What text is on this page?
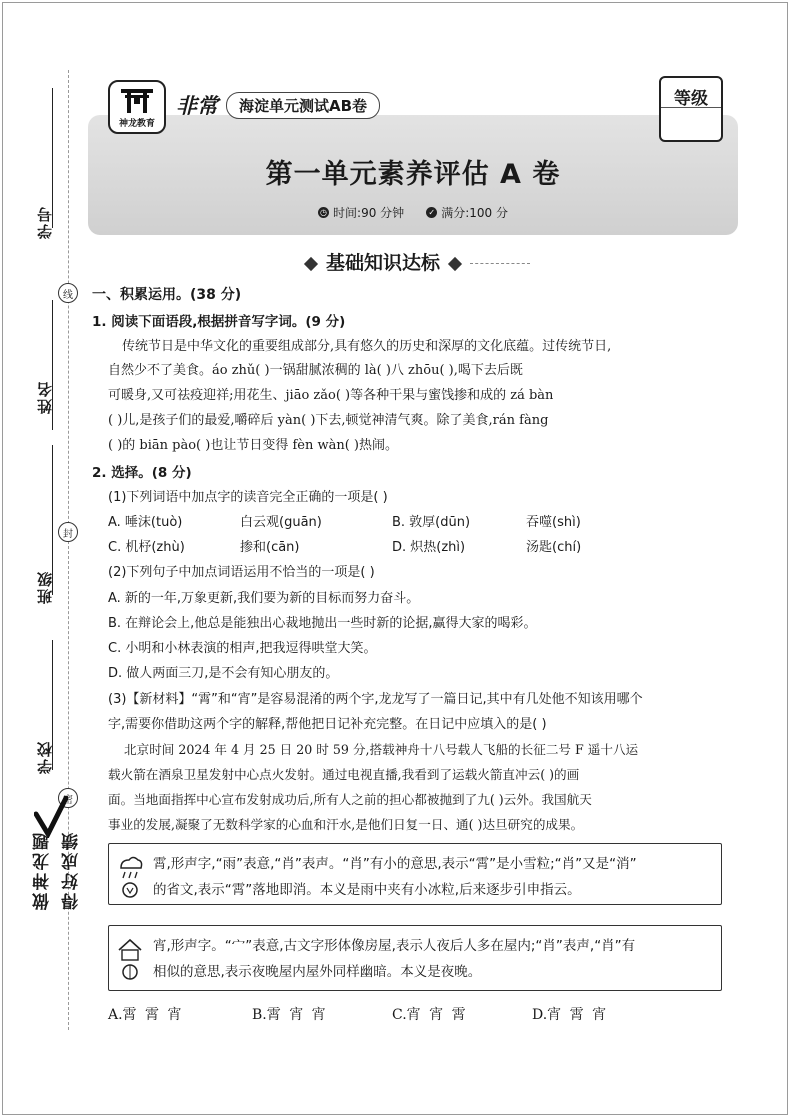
学号
姓名
班级
学校
线
封
密
做神龙题 得好成绩
神龙教育
非常	海淀单元测试AB卷	等级
第一单元素养评估 A 卷
◷ 时间:90 分钟	✓ 满分:100 分
基础知识达标
一、积累运用。(38 分)
1. 阅读下面语段,根据拼音写字词。(9 分)
传统节日是中华文化的重要组成部分,具有悠久的历史和深厚的文化底蕴。过传统节日,
自然少不了美食。áo zhǔ( )一锅甜腻浓稠的 là( )八 zhōu( ),喝下去后既
可暖身,又可祛疫迎祥;用花生、jiāo zǎo( )等各种干果与蜜饯掺和成的 zá bàn
( )儿,是孩子们的最爱,嚼碎后 yàn( )下去,顿觉神清气爽。除了美食,rán fàng
( )的 biān pào( )也让节日变得 fèn wàn( )热闹。
2. 选择。(8 分)
(1)下列词语中加点字的读音完全正确的一项是( )
A. 唾沫(tuò)	白云观(guān)	B. 敦厚(dūn)	吞噬(shì)
C. 机杼(zhù)	掺和(cān)	D. 炽热(zhì)	汤匙(chí)
(2)下列句子中加点词语运用不恰当的一项是( )
A. 新的一年,万象更新,我们要为新的目标而努力奋斗。
B. 在辩论会上,他总是能独出心裁地抛出一些时新的论据,赢得大家的喝彩。
C. 小明和小林表演的相声,把我逗得哄堂大笑。
D. 做人两面三刀,是不会有知心朋友的。
(3)【新材料】“霄”和“宵”是容易混淆的两个字,龙龙写了一篇日记,其中有几处他不知该用哪个
字,需要你借助这两个字的解释,帮他把日记补充完整。在日记中应填入的是( )
北京时间 2024 年 4 月 25 日 20 时 59 分,搭载神舟十八号载人飞船的长征二号 F 遥十八运
载火箭在酒泉卫星发射中心点火发射。通过电视直播,我看到了运载火箭直冲云( )的画
面。当地面指挥中心宣布发射成功后,所有人之前的担心都被抛到了九( )云外。我国航天
事业的发展,凝聚了无数科学家的心血和汗水,是他们日复一日、通( )达旦研究的成果。
霄,形声字,“雨”表意,“肖”表声。“肖”有小的意思,表示“霄”是小雪粒;“肖”又是“消”
的省文,表示“霄”落地即消。本义是雨中夹有小冰粒,后来逐步引申指云。
宵,形声字。“宀”表意,古文字形体像房屋,表示人夜后人多在屋内;“肖”表声,“肖”有
相似的意思,表示夜晚屋内屋外同样幽暗。本义是夜晚。
A.霄 霄 宵	B.霄 宵 宵	C.宵 宵 霄	D.宵 霄 宵
